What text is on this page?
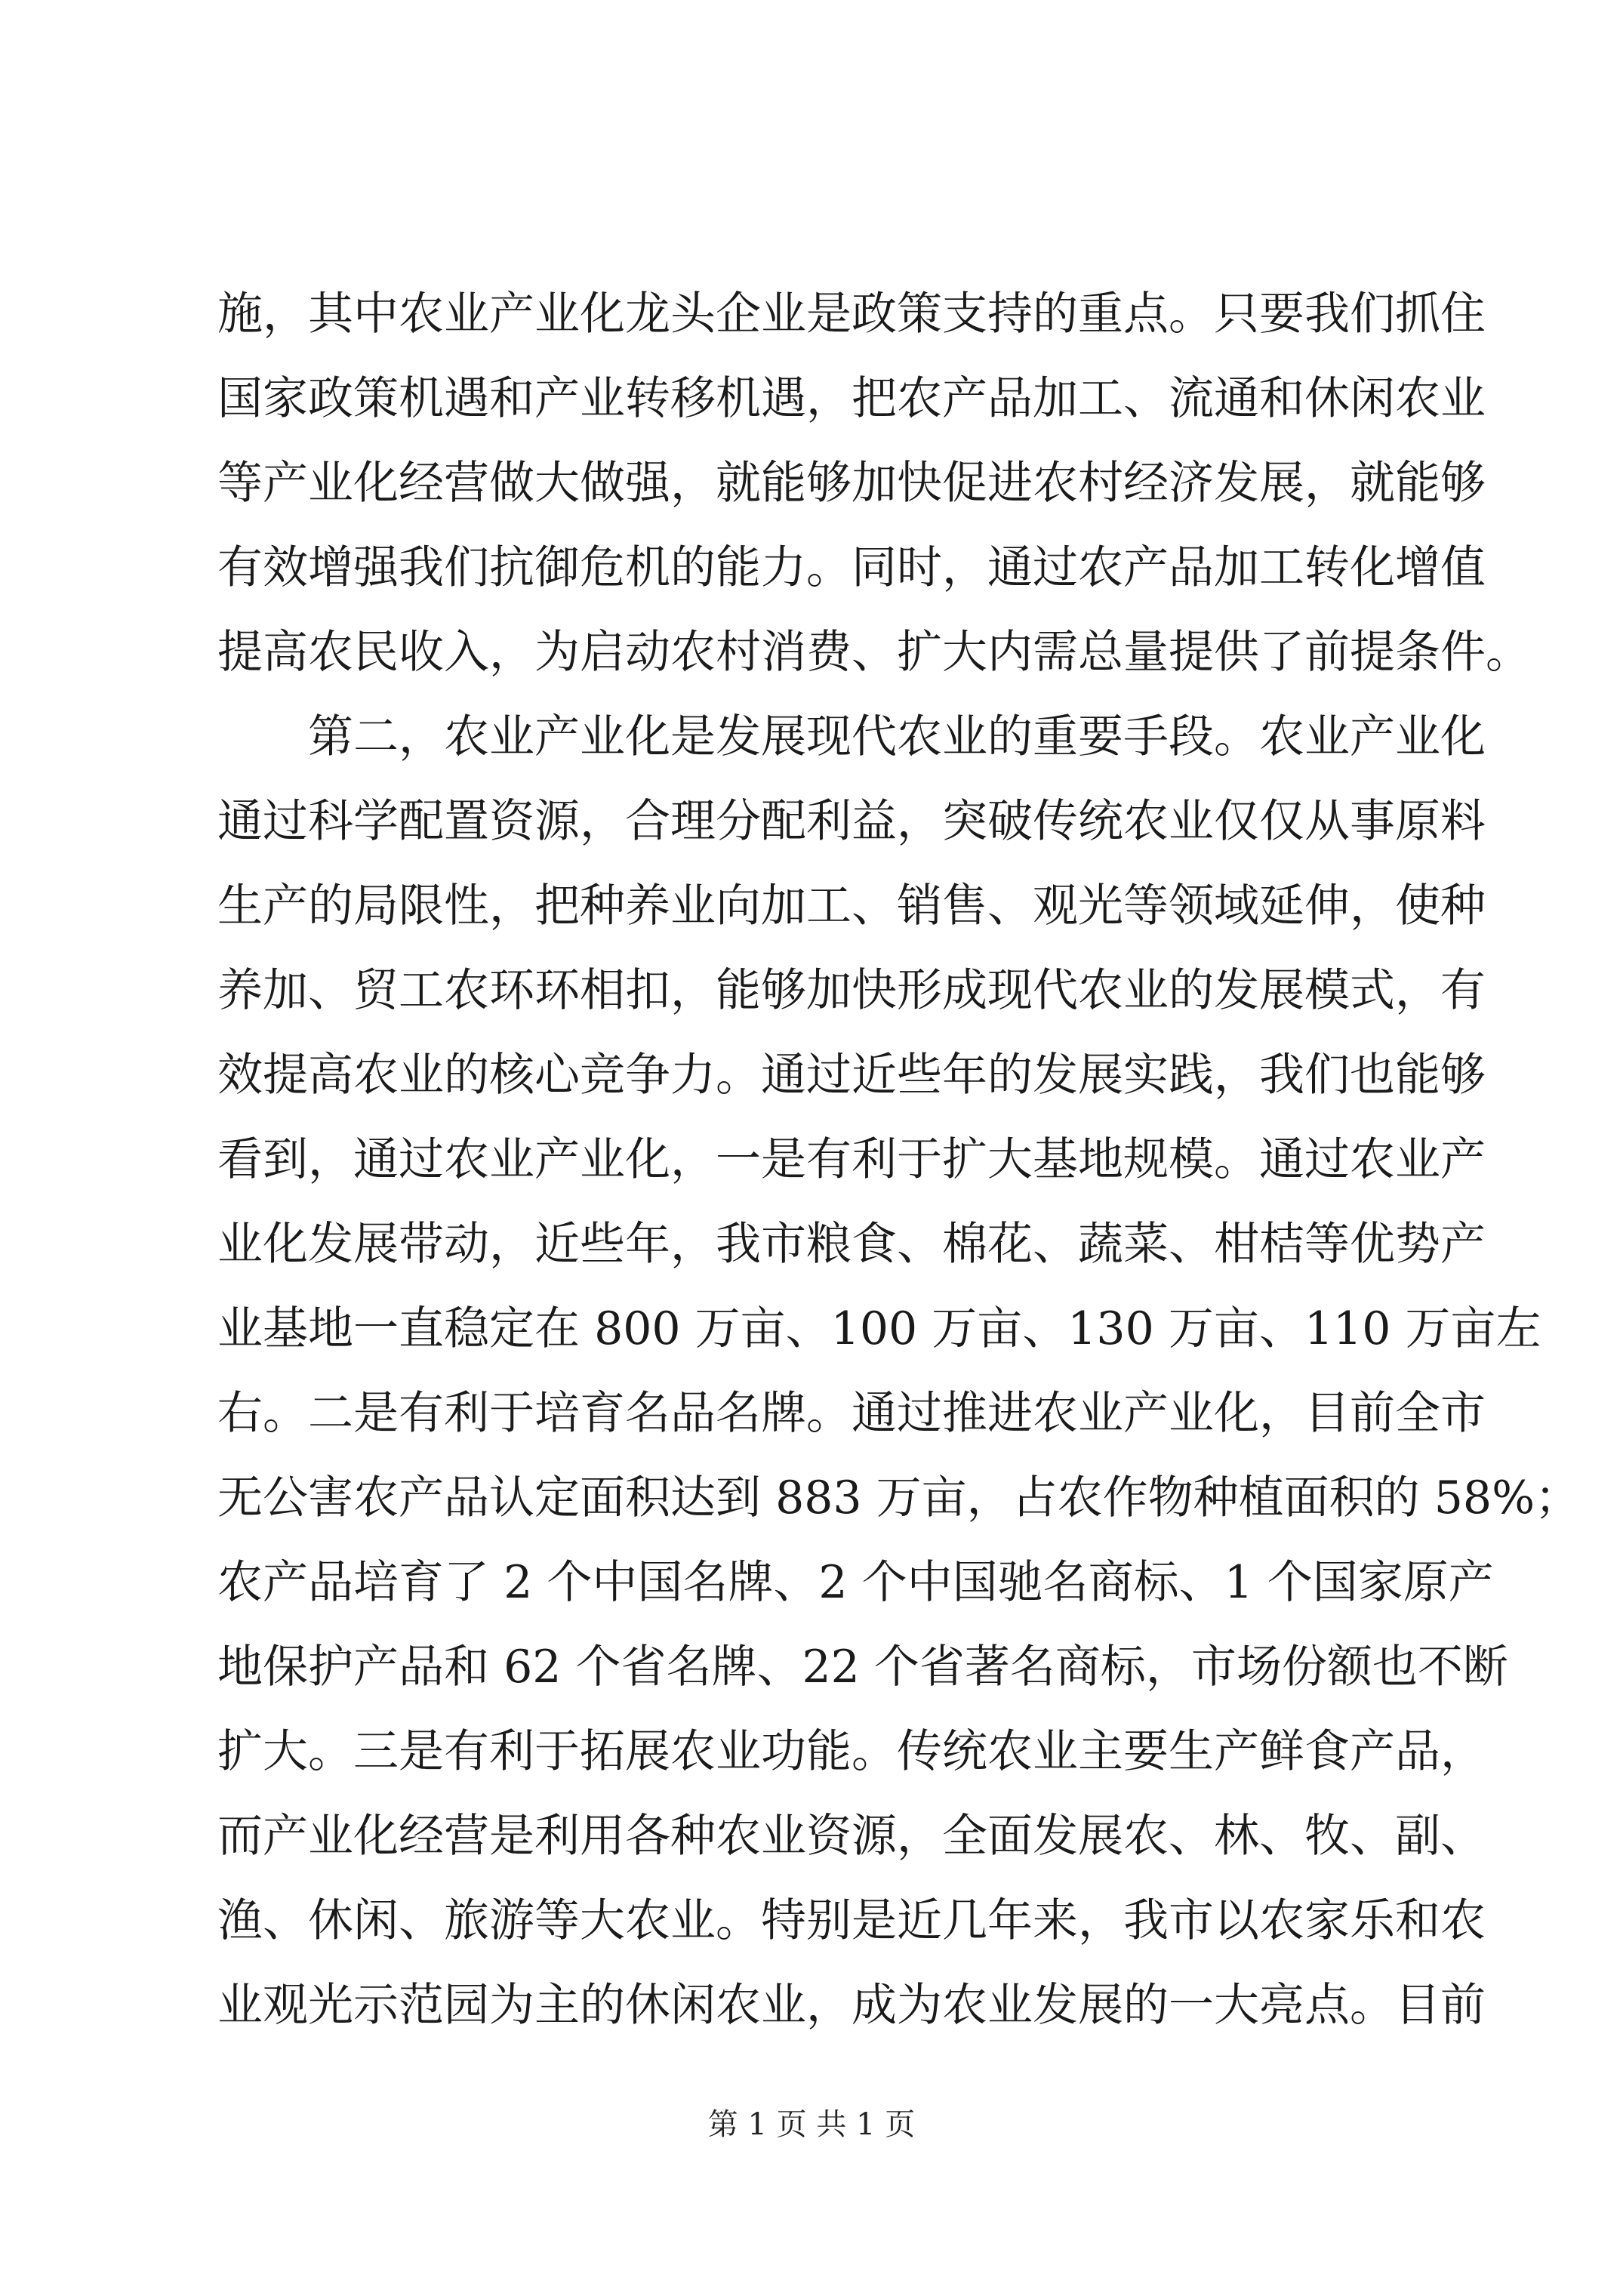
施，其中农业产业化龙头企业是政策支持的重点。只要我们抓住
国家政策机遇和产业转移机遇，把农产品加工、流通和休闲农业
等产业化经营做大做强，就能够加快促进农村经济发展，就能够
有效增强我们抗御危机的能力。同时，通过农产品加工转化增值
提高农民收入，为启动农村消费、扩大内需总量提供了前提条件。
第二，农业产业化是发展现代农业的重要手段。农业产业化
通过科学配置资源，合理分配利益，突破传统农业仅仅从事原料
生产的局限性，把种养业向加工、销售、观光等领域延伸，使种
养加、贸工农环环相扣，能够加快形成现代农业的发展模式，有
效提高农业的核心竞争力。通过近些年的发展实践，我们也能够
看到，通过农业产业化，一是有利于扩大基地规模。通过农业产
业化发展带动，近些年，我市粮食、棉花、蔬菜、柑桔等优势产
业基地一直稳定在 800 万亩、100 万亩、130 万亩、110 万亩左
右。二是有利于培育名品名牌。通过推进农业产业化，目前全市
无公害农产品认定面积达到 883 万亩，占农作物种植面积的 58%；
农产品培育了 2 个中国名牌、2 个中国驰名商标、1 个国家原产
地保护产品和 62 个省名牌、22 个省著名商标，市场份额也不断
扩大。三是有利于拓展农业功能。传统农业主要生产鲜食产品，
而产业化经营是利用各种农业资源，全面发展农、林、牧、副、
渔、休闲、旅游等大农业。特别是近几年来，我市以农家乐和农
业观光示范园为主的休闲农业，成为农业发展的一大亮点。目前
第 1 页 共 1 页
